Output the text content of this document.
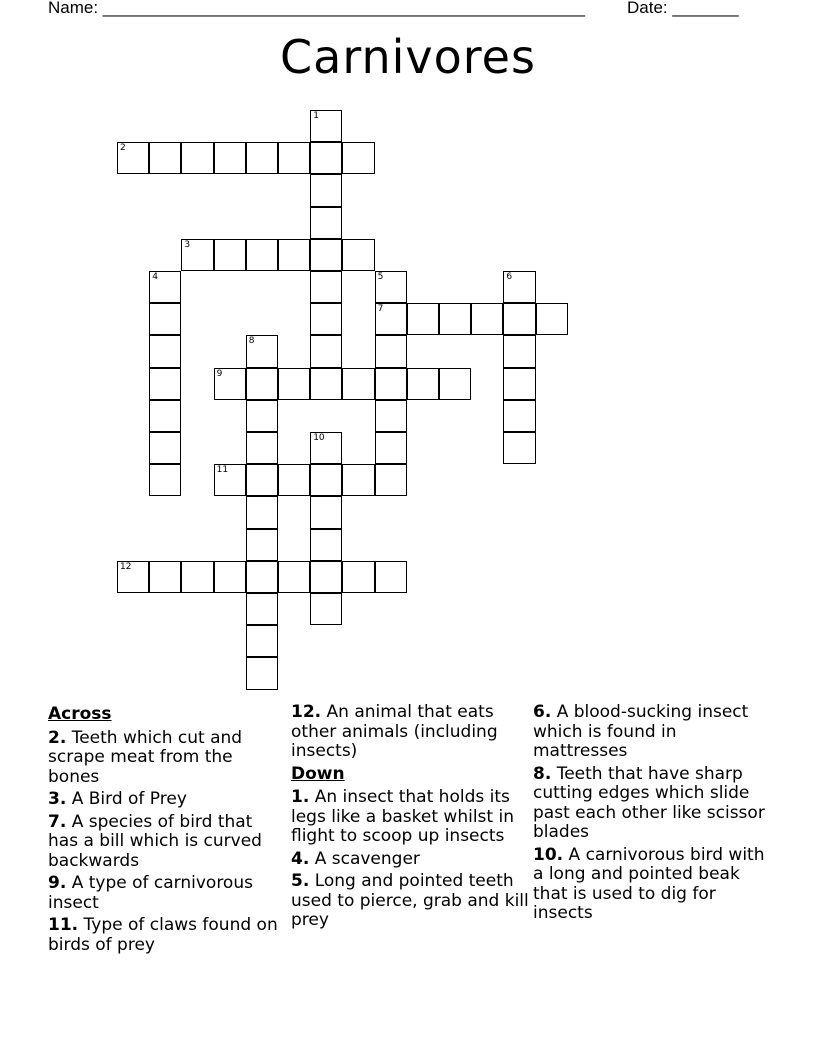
Name: ___________________________________________________ Date: _______
Carnivores
1
2
3
4	5
7
6
8
9
10
11
12
Across
2. Teeth which cut and scrape meat from the bones
3. A Bird of Prey
7. A species of bird that has a bill which is curved backwards
9. A type of carnivorous insect
11. Type of claws found on birds of prey
12. An animal that eats other animals (including insects)
Down
1. An insect that holds its legs like a basket whilst in flight to scoop up insects
4. A scavenger
5. Long and pointed teeth used to pierce, grab and kill prey
6. A blood-sucking insect which is found in mattresses
8. Teeth that have sharp cutting edges which slide past each other like scissor blades
10. A carnivorous bird with a long and pointed beak that is used to dig for insects
